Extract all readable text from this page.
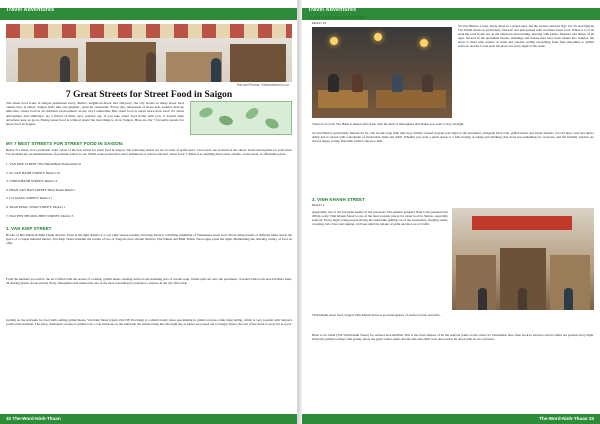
Travel Adventures
Text and Photos: Vietnamtravel.co.nz
7 Great Streets for Street Food in Saigon

The street food scene in Saigon permeates every district, neighbour-hood, and alleyway; the city boasts so many street food outlets that, at times, Saigon feels like one gigantic, open-air restaurant. Every-day, thousands of street-side eateries dish up delicious, cheap food in an informal environment on the city's sidewalks. But street food is about more than food: it's about atmosphere and ambiance. As a friend of mine once pointed out, if you take street food home with you, it doesn't taste anywhere near as good. Eating street food is without doubt the best thing to do in Saigon. Here are my 7 favourite streets for street food in Saigon.

MY 7 BEST STREETS FOR STREET FOOD IN SAIGON:

Below I've listed, in no particular order, seven of the best streets for street food in Saigon. The following streets are not in order of prefer-ence: I love each one as much as the others. In the descriptions for each street I've included my recommendations of particular places to eat. While some people have strict definitions of what is and isn't 'street food', I define it as anything that's eaten outside, on the street, at affordable prices.

1. VAN KIEP STREET: Phu Nhuan/Binh Thanh districts
2. SU VAN HANH STREET: District 10
3. VINH KHANH STREET: District 4
4. PHAN VAN HAN STREET: Binh Thanh District
5. CO GIANG STREET: District 1
6. TRAN KHAC CHAN STREET: District 1
7. NGUYEN THUONG HIEN STREET: District 3
1. VAN KIEP STREET

Border of Phu Nhuan & Binh Thanh districts. Even in the light drizzle of a cool rainy season evening Van Kiep Street is a thrilling exhibition of Vietnamese street food. Showcasing dozens of different items and in the space of a couple hundred metres, Van Kiep Street straddles the border of two of Saigon's most vibrant districts, Phu Nhuan and Binh Thanh. Neon signs pride the night, illuminating the dazzling variety of food on offer.

From the moment you arrive, the air is filled with the aroma of cooking: grilled meats, sizzling seafood and steaming pots of noodle soup. Tables spill out onto the pavement, crowded with locals and travellers alike, all sharing plastic stools and the lively atmosphere that makes this one of the most rewarding food streets to explore in the city after dark.

Getting on the sidewalk for food stalls selling grilled meats, Van Kiep Street (Quan 194/138 Van Kiep) is a small, trendy place specialising in grilled octopus, bánh tráng nướng, which is very popular with Saigon's youth at the moment. The spicy, marinated octopus is grilled over a coal barbecue on the sidewalk; the smoke rising into the night sky as plates are passed out to hungry diners; the rest of the street is every bit as good.

32 The-Word-Ninh-Thuan
Travel Adventures
2. SU VAN HANH STREET
District 10

Su Van Hanh is a long, lively street in a grand style, but the section between Ngo Gia Tu and Nguyen Chi Thanh streets is particularly fantastic and jam-packed with excellent street food. Where it is at its peak the road fronts are, in the afternoon and evening, heaving with plastic furniture and diners of all ages. Several of the apartment blocks, buildings and houses here have been turned into eateries, the street is lined with dozens of stalls and vendors selling everything from fruit smoothies to grilled seafood, and the locals pack the place out every night of the week.

Street food on Su Van Hanh is busiest after dark, with the kind of atmosphere that makes you want to stay all night.

Su Van Hanh is particularly famous for its crab noodle soup (bún riêu cua), freshly cooked in giant pots right on the pavement, alongside fried rolls, grilled meats and sweet desserts. A bowl here costs less than a dollar and is served with a mountain of fresh herbs, lime and chilli. Whether you want a quick snack or a full evening of eating and drinking, this street has something for everyone, and the friendly vendors are always happy to help first-time visitors choose a dish.

3. VINH KHANH STREET
District 4

Apparently one of the favourite haunts of the notorious Viet-namese gangster Nam Cam (sentenced in 2004), today Vinh Khanh Street is one of the most popular places for street food in Saigon, especially seafood. Every night young people throng the sidewalks spilling out of the restaurants, slurping snails, cracking crab claws and sipping cold beer amid the smoke of grills and the roar of traffic.

Vinh Khanh street food, Saigon Vinh Khanh Street is an extravaganza of seafood, fresh and alive.

Head to Oc Oanh (534 Vinh Khanh Street) for seafood and shellfish. This is the most famous of all the seafood joints on the street: its Vietnamese fans often book in advance and its tables are packed every night. Order the grilled scallops with spring onion, the garlic butter snails and the salt-and-chilli crab, and wash it all down with an ice-cold beer.

The-Word-Ninh-Thuan 33
